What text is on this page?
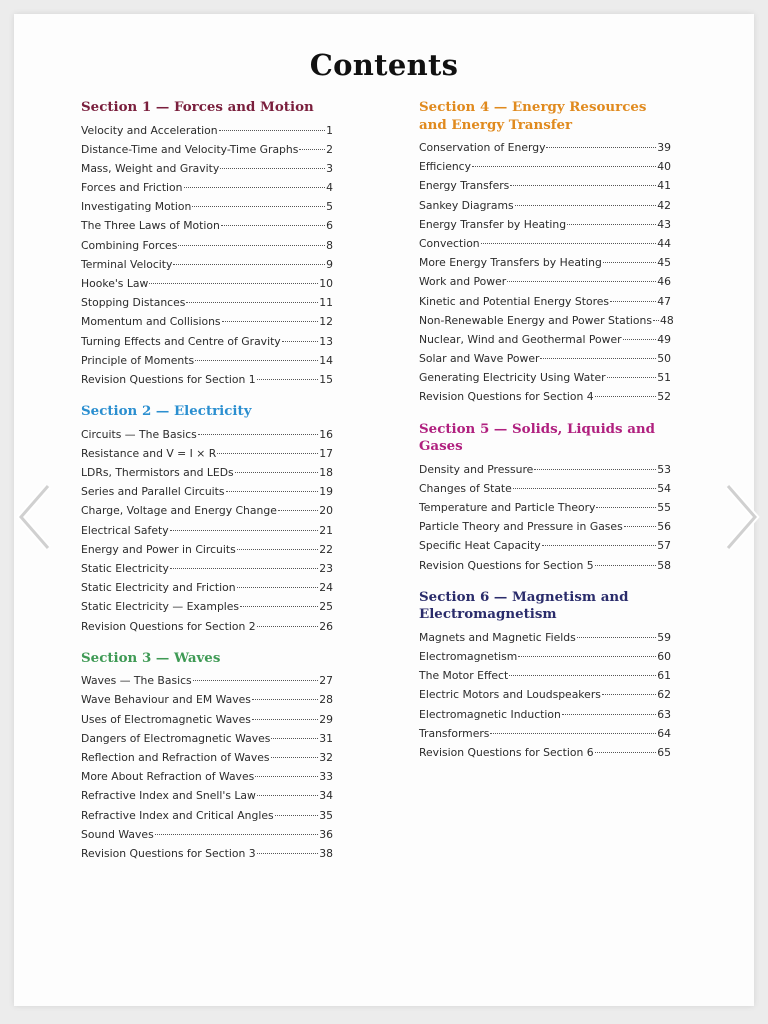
Contents
Section 1 — Forces and Motion
Velocity and Acceleration	1
Distance-Time and Velocity-Time Graphs	2
Mass, Weight and Gravity	3
Forces and Friction	4
Investigating Motion	5
The Three Laws of Motion	6
Combining Forces	8
Terminal Velocity	9
Hooke's Law	10
Stopping Distances	11
Momentum and Collisions	12
Turning Effects and Centre of Gravity	13
Principle of Moments	14
Revision Questions for Section 1	15
Section 2 — Electricity
Circuits — The Basics	16
Resistance and V = I × R	17
LDRs, Thermistors and LEDs	18
Series and Parallel Circuits	19
Charge, Voltage and Energy Change	20
Electrical Safety	21
Energy and Power in Circuits	22
Static Electricity	23
Static Electricity and Friction	24
Static Electricity — Examples	25
Revision Questions for Section 2	26
Section 3 — Waves
Waves — The Basics	27
Wave Behaviour and EM Waves	28
Uses of Electromagnetic Waves	29
Dangers of Electromagnetic Waves	31
Reflection and Refraction of Waves	32
More About Refraction of Waves	33
Refractive Index and Snell's Law	34
Refractive Index and Critical Angles	35
Sound Waves	36
Revision Questions for Section 3	38
Section 4 — Energy Resources and Energy Transfer
Conservation of Energy	39
Efficiency	40
Energy Transfers	41
Sankey Diagrams	42
Energy Transfer by Heating	43
Convection	44
More Energy Transfers by Heating	45
Work and Power	46
Kinetic and Potential Energy Stores	47
Non-Renewable Energy and Power Stations 48
Nuclear, Wind and Geothermal Power	49
Solar and Wave Power	50
Generating Electricity Using Water	51
Revision Questions for Section 4	52
Section 5 — Solids, Liquids and Gases
Density and Pressure	53
Changes of State	54
Temperature and Particle Theory	55
Particle Theory and Pressure in Gases	56
Specific Heat Capacity	57
Revision Questions for Section 5	58
Section 6 — Magnetism and Electromagnetism
Magnets and Magnetic Fields	59
Electromagnetism	60
The Motor Effect	61
Electric Motors and Loudspeakers	62
Electromagnetic Induction	63
Transformers	64
Revision Questions for Section 6	65
